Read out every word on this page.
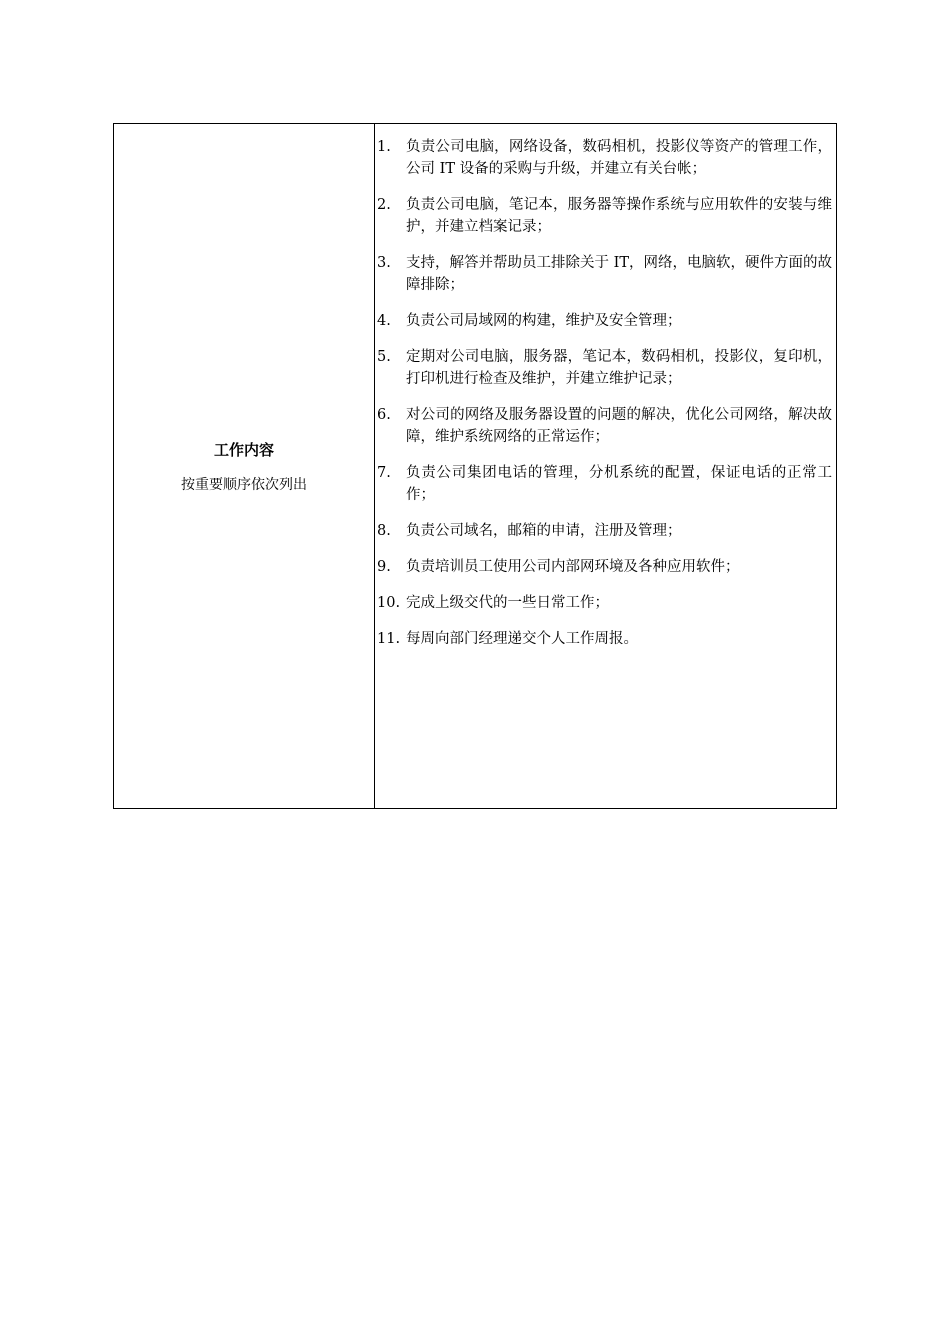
工作内容
按重要顺序依次列出
1.	负责公司电脑，网络设备，数码相机，投影仪等资产的管理工作，公司 IT 设备的采购与升级，并建立有关台帐；
2.	负责公司电脑，笔记本，服务器等操作系统与应用软件的安装与维护，并建立档案记录；
3.	支持，解答并帮助员工排除关于 IT，网络，电脑软，硬件方面的故障排除；
4.	负责公司局域网的构建，维护及安全管理；
5.	定期对公司电脑，服务器，笔记本，数码相机，投影仪，复印机，打印机进行检查及维护，并建立维护记录；
6.	对公司的网络及服务器设置的问题的解决，优化公司网络，解决故障，维护系统网络的正常运作；
7.	负责公司集团电话的管理，分机系统的配置，保证电话的正常工作；
8.	负责公司域名，邮箱的申请，注册及管理；
9.	负责培训员工使用公司内部网环境及各种应用软件；
10. 完成上级交代的一些日常工作；
11. 每周向部门经理递交个人工作周报。
